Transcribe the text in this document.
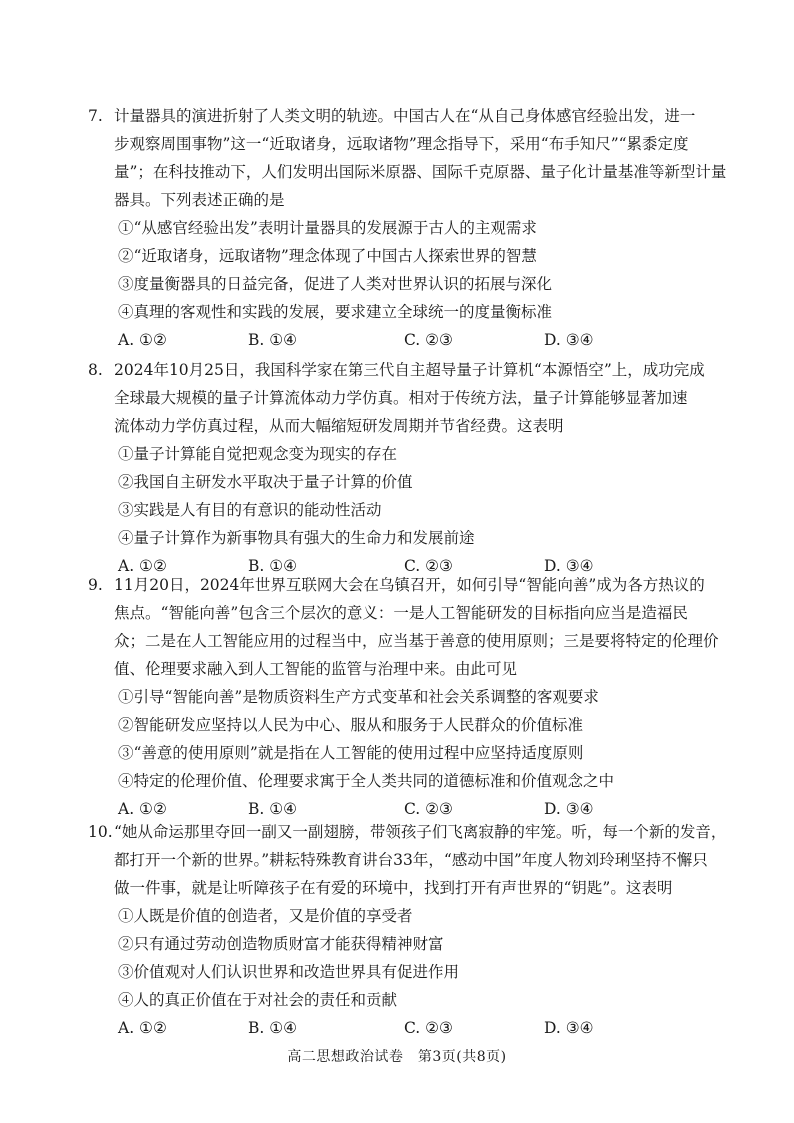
7. 计量器具的演进折射了人类文明的轨迹。中国古人在“从自己身体感官经验出发，进一
步观察周围事物”这一“近取诸身，远取诸物”理念指导下，采用“布手知尺”“累黍定度
量”；在科技推动下，人们发明出国际米原器、国际千克原器、量子化计量基准等新型计量
器具。下列表述正确的是
①“从感官经验出发”表明计量器具的发展源于古人的主观需求
②“近取诸身，远取诸物”理念体现了中国古人探索世界的智慧
③度量衡器具的日益完备，促进了人类对世界认识的拓展与深化
④真理的客观性和实践的发展，要求建立全球统一的度量衡标准
A. ①②	B. ①④	C. ②③	D. ③④
8. 2024年10月25日，我国科学家在第三代自主超导量子计算机“本源悟空”上，成功完成
全球最大规模的量子计算流体动力学仿真。相对于传统方法，量子计算能够显著加速
流体动力学仿真过程，从而大幅缩短研发周期并节省经费。这表明
①量子计算能自觉把观念变为现实的存在
②我国自主研发水平取决于量子计算的价值
③实践是人有目的有意识的能动性活动
④量子计算作为新事物具有强大的生命力和发展前途
A. ①②	B. ①④	C. ②③	D. ③④
9. 11月20日，2024年世界互联网大会在乌镇召开，如何引导“智能向善”成为各方热议的
焦点。“智能向善”包含三个层次的意义：一是人工智能研发的目标指向应当是造福民
众；二是在人工智能应用的过程当中，应当基于善意的使用原则；三是要将特定的伦理价
值、伦理要求融入到人工智能的监管与治理中来。由此可见
①引导“智能向善”是物质资料生产方式变革和社会关系调整的客观要求
②智能研发应坚持以人民为中心、服从和服务于人民群众的价值标准
③“善意的使用原则”就是指在人工智能的使用过程中应坚持适度原则
④特定的伦理价值、伦理要求寓于全人类共同的道德标准和价值观念之中
A. ①②	B. ①④	C. ②③	D. ③④
10. “她从命运那里夺回一副又一副翅膀，带领孩子们飞离寂静的牢笼。听，每一个新的发音，
都打开一个新的世界。”耕耘特殊教育讲台33年，“感动中国”年度人物刘玲琍坚持不懈只
做一件事，就是让听障孩子在有爱的环境中，找到打开有声世界的“钥匙”。这表明
①人既是价值的创造者，又是价值的享受者
②只有通过劳动创造物质财富才能获得精神财富
③价值观对人们认识世界和改造世界具有促进作用
④人的真正价值在于对社会的责任和贡献
A. ①②	B. ①④	C. ②③	D. ③④
高二思想政治试卷　第3页(共8页)
